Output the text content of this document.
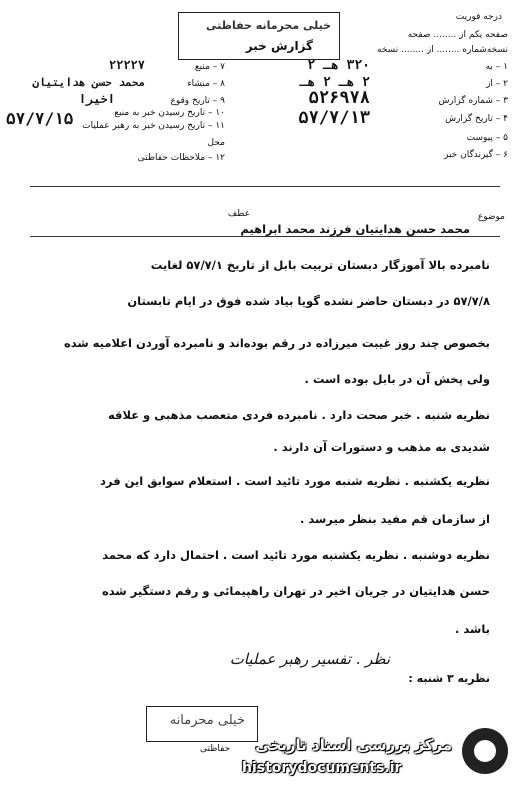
خیلی محرمانه حفاظتی
گزارش خبر
درجه فوریت
صفحه یکم از ........ صفحه
نسخه‌شماره ........ از ........ نسخه
۱ – به
۳۲۰ هـ ۲
۲ – از
۲ هـ ۲ هـ
۳ – شماره گزارش
۵۲۶۹۷۸
۴ – تاریخ گزارش
۵۷/۷/۱۳
۵ – پیوست
۶ – گیرندگان خبر
۷ – منبع
۲۲۲۲۷
۸ – منشاء
محمد حسن هدایتیان
۹ – تاریخ وقوع
اخیرا
۱۰ – تاریخ رسیدن خبر به منبع
۱۱ – تاریخ رسیدن خبر به رهبر عملیات
۵۷/۷/۱۵
محل
۱۲ – ملاحظات حفاظتی
عطف	موضوع
محمد حسن هدایتیان فرزند محمد ابراهیم
نامبرده بالا آموزگار دبستان تربیت بابل از تاریخ ۵۷/۷/۱ لغایت
۵۷/۷/۸ در دبستان حاضر نشده گویا بیاد شده فوق در ایام تابستان
بخصوص چند روز غیبت میرزاده در رقم بوده‌اند و نامبرده آوردن اعلامیه شده
ولی پخش آن در بابل بوده است .
نظریه شنبه . خبر صحت دارد . نامبرده فردی متعصب مذهبی و علاقه
شدیدی به مذهب و دستورات آن دارند .
نظریه یکشنبه . نظریه شنبه مورد تائید است . استعلام سوابق این فرد
از سازمان قم مفید بنظر میرسد .
نظریه دوشنبه . نظریه یکشنبه مورد تائید است . احتمال دارد که محمد
حسن هدایتیان در جریان اخیر در تهران راهپیمائی و رقم دستگیر شده
باشد .
نظریه ۳ شنبه :
نظر . تفسیر رهبر عملیات
خیلی محرمانه
حفاظتی مرکز بررسی اسناد تاریخی
historydocuments.ir
